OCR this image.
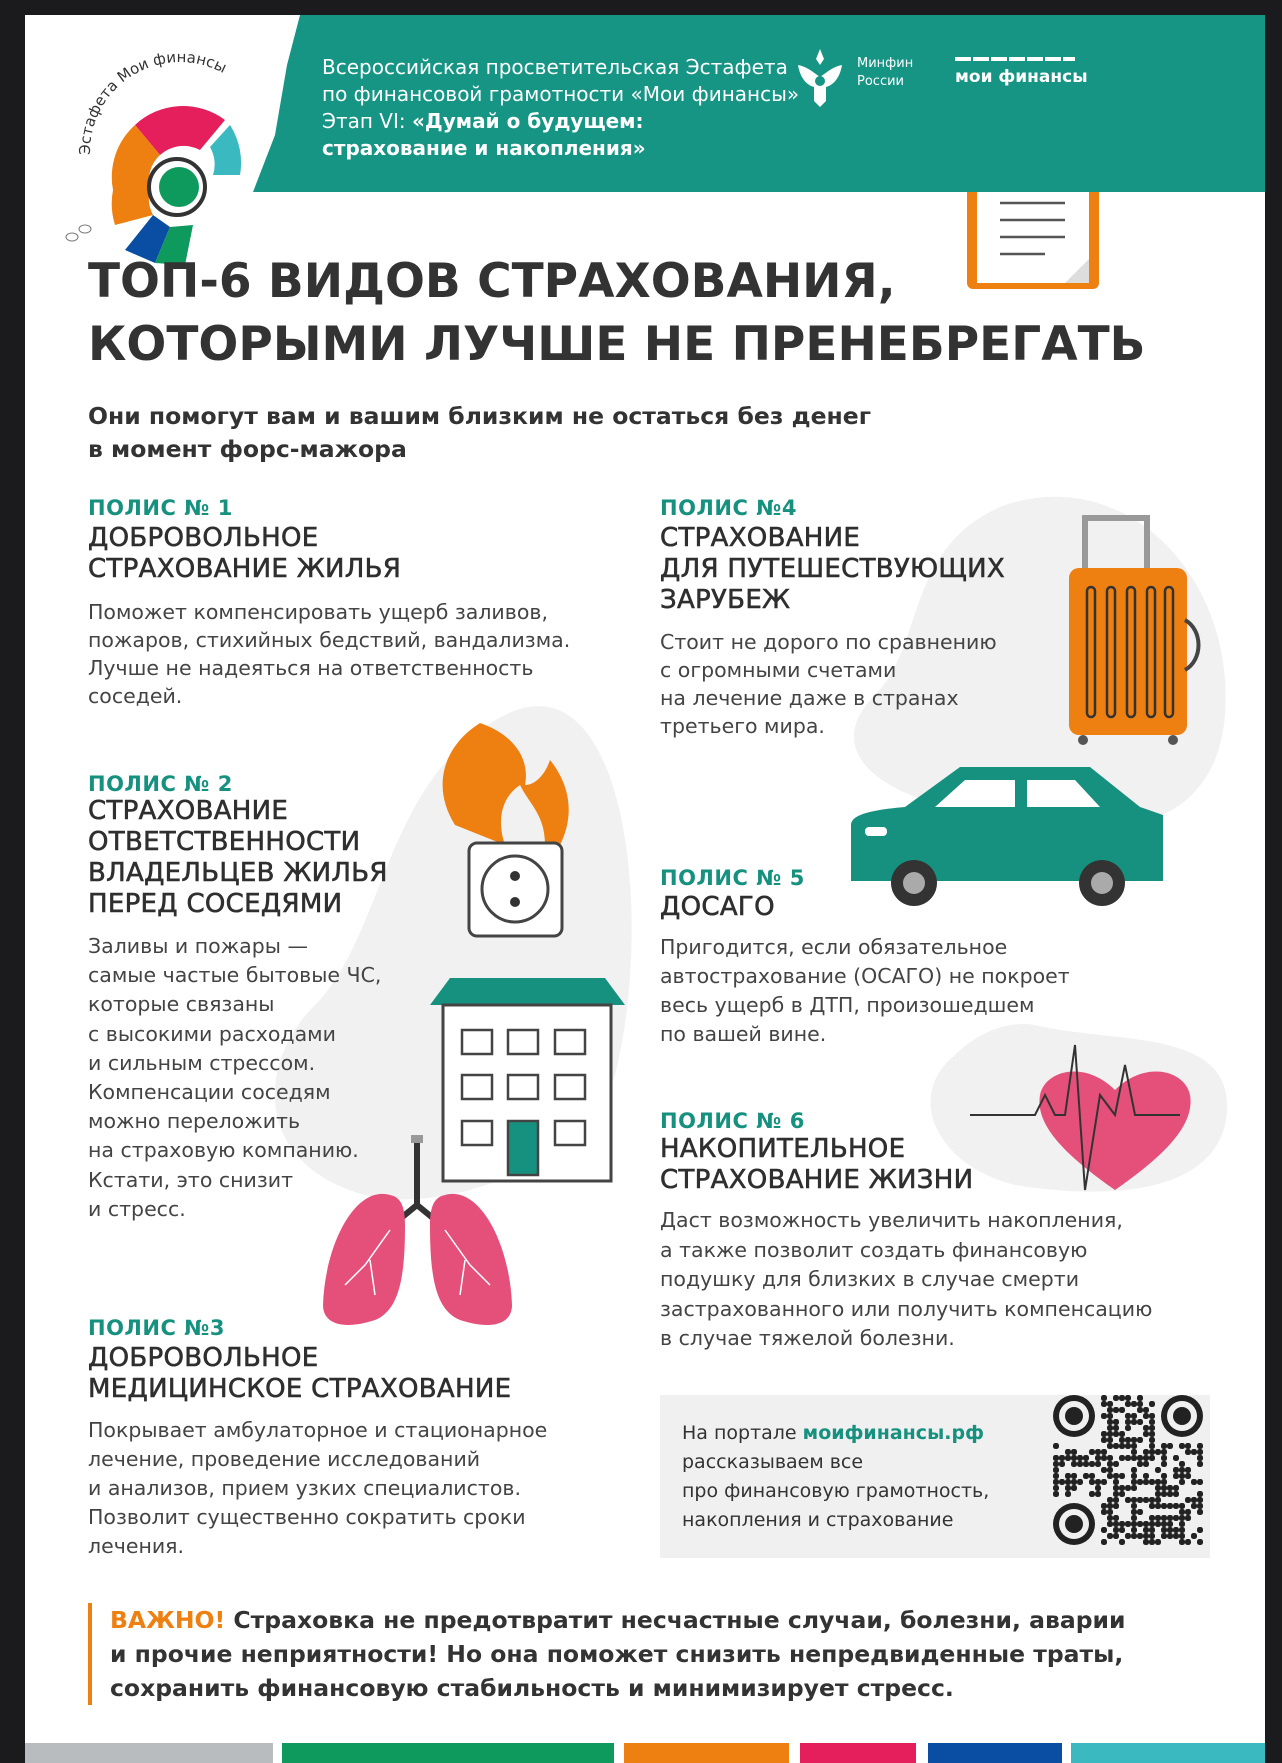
Эстафета Мои финансы	Всероссийская просветительская Эстафета
по финансовой грамотности «Мои финансы»
Этап VI: «Думай о будущем:
страхование и накопления»
Минфин
России	мои финансы
ТОП-6 ВИДОВ СТРАХОВАНИЯ,
КОТОРЫМИ ЛУЧШЕ НЕ ПРЕНЕБРЕГАТЬ
Они помогут вам и вашим близким не остаться без денег
в момент форс-мажора
ПОЛИС № 1
ДОБРОВОЛЬНОЕ
СТРАХОВАНИЕ ЖИЛЬЯ
Поможет компенсировать ущерб заливов,
пожаров, стихийных бедствий, вандализма.
Лучше не надеяться на ответственность
соседей.
ПОЛИС № 2
СТРАХОВАНИЕ
ОТВЕТСТВЕННОСТИ
ВЛАДЕЛЬЦЕВ ЖИЛЬЯ
ПЕРЕД СОСЕДЯМИ
Заливы и пожары —
самые частые бытовые ЧС,
которые связаны
с высокими расходами
и сильным стрессом.
Компенсации соседям
можно переложить
на страховую компанию.
Кстати, это снизит
и стресс.
ПОЛИС №3
ДОБРОВОЛЬНОЕ
МЕДИЦИНСКОЕ СТРАХОВАНИЕ
Покрывает амбулаторное и стационарное
лечение, проведение исследований
и анализов, прием узких специалистов.
Позволит существенно сократить сроки
лечения.
ПОЛИС №4
СТРАХОВАНИЕ
ДЛЯ ПУТЕШЕСТВУЮЩИХ
ЗАРУБЕЖ
Стоит не дорого по сравнению
с огромными счетами
на лечение даже в странах
третьего мира.
ПОЛИС № 5
ДОСАГО
Пригодится, если обязательное
автострахование (ОСАГО) не покроет
весь ущерб в ДТП, произошедшем
по вашей вине.
ПОЛИС № 6
НАКОПИТЕЛЬНОЕ
СТРАХОВАНИЕ ЖИЗНИ
Даст возможность увеличить накопления,
а также позволит создать финансовую
подушку для близких в случае смерти
застрахованного или получить компенсацию
в случае тяжелой болезни.
На портале моифинансы.рф
рассказываем все
про финансовую грамотность,
накопления и страхование
ВАЖНО! Страховка не предотвратит несчастные случаи, болезни, аварии
и прочие неприятности! Но она поможет снизить непредвиденные траты,
сохранить финансовую стабильность и минимизирует стресс.
